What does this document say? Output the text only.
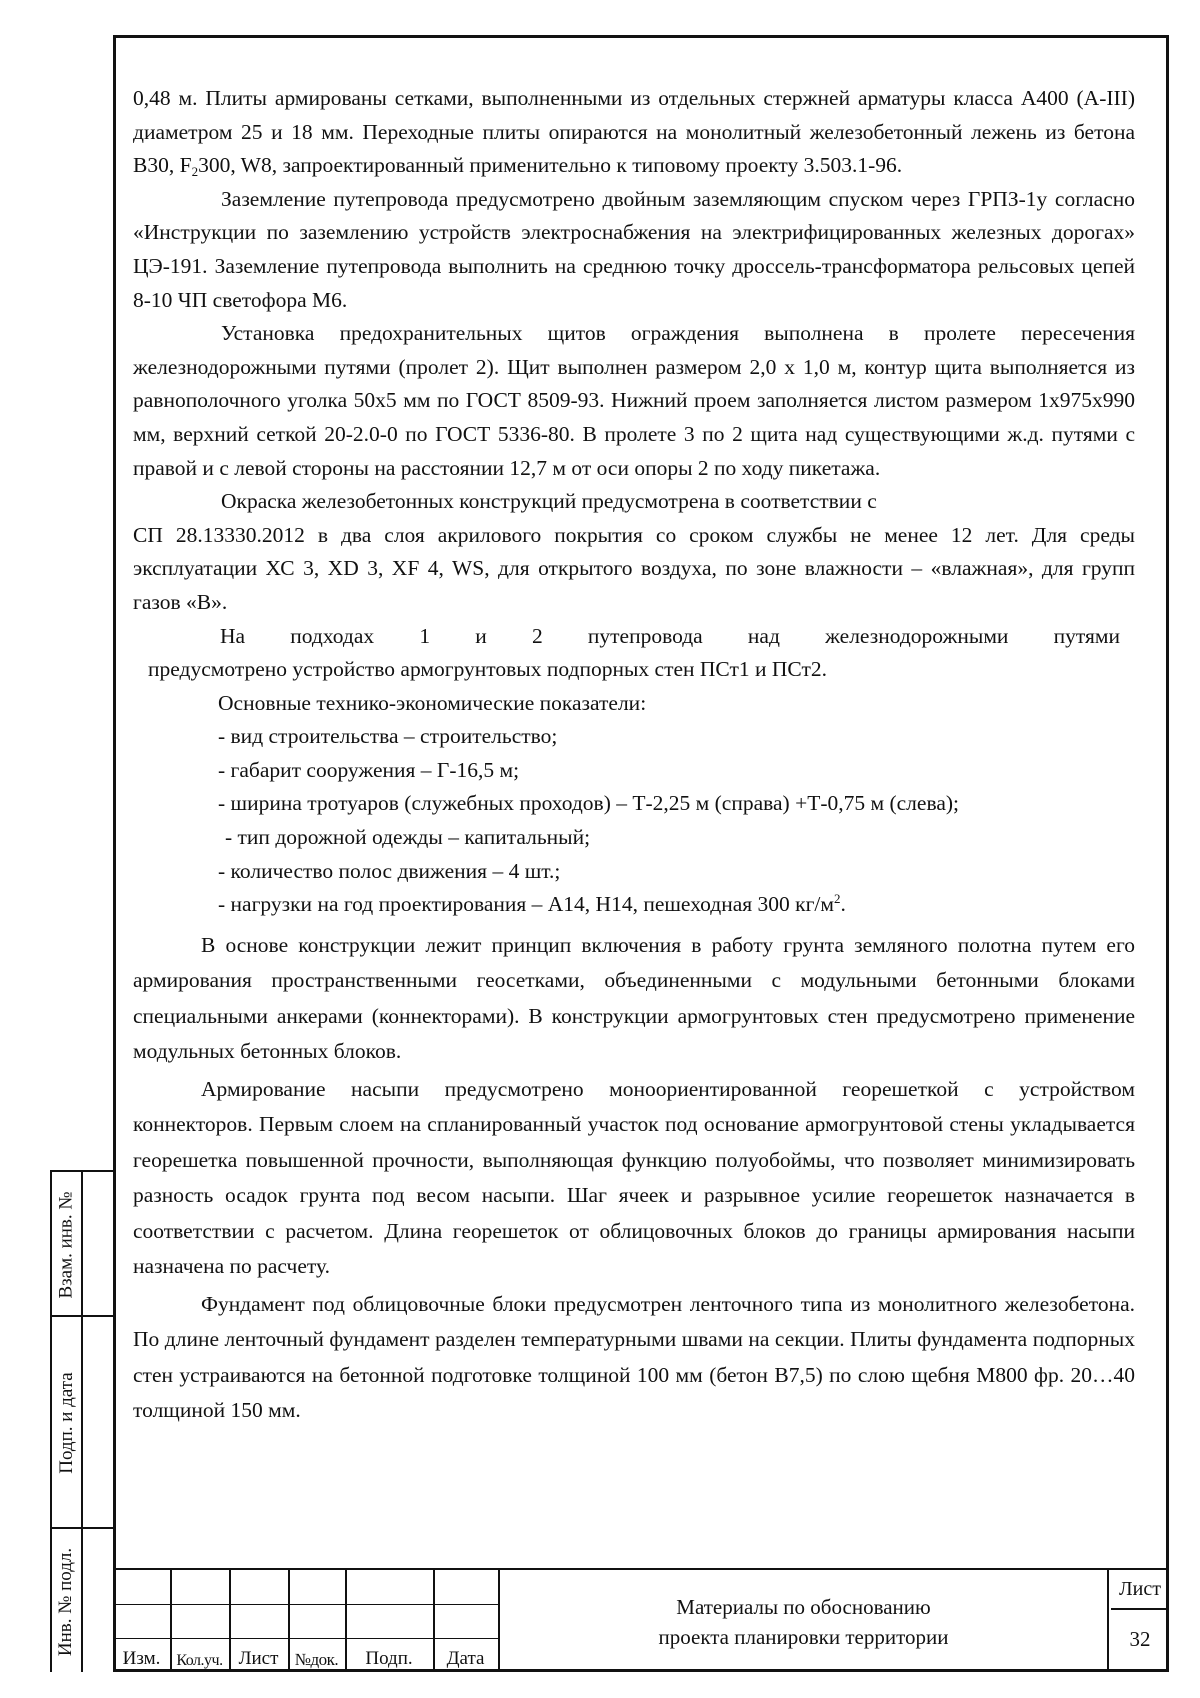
0,48 м. Плиты армированы сетками, выполненными из отдельных стержней арматуры класса А400 (А-III) диаметром 25 и 18 мм. Переходные плиты опираются на монолитный железобетонный лежень из бетона В30, F2300, W8, запроектированный применительно к типовому проекту 3.503.1-96.

Заземление путепровода предусмотрено двойным заземляющим спуском через ГРПЗ-1у согласно «Инструкции по заземлению устройств электроснабжения на электрифицированных железных дорогах» ЦЭ-191. Заземление путепровода выполнить на среднюю точку дроссель-трансформатора рельсовых цепей 8-10 ЧП светофора М6.

Установка предохранительных щитов ограждения выполнена в пролете пересечения железнодорожными путями (пролет 2). Щит выполнен размером 2,0 х 1,0 м, контур щита выполняется из равнополочного уголка 50х5 мм по ГОСТ 8509-93. Нижний проем заполняется листом размером 1х975х990 мм, верхний сеткой 20-2.0-0 по ГОСТ 5336-80. В пролете 3 по 2 щита над существующими ж.д. путями с правой и с левой стороны на расстоянии 12,7 м от оси опоры 2 по ходу пикетажа.

Окраска железобетонных конструкций предусмотрена в соответствии с

СП 28.13330.2012 в два слоя акрилового покрытия со сроком службы не менее 12 лет. Для среды эксплуатации ХС 3, ХD 3, XF 4, WS, для открытого воздуха, по зоне влажности – «влажная», для групп газов «В».

На подходах 1 и 2 путепровода над железнодорожными путями

предусмотрено устройство армогрунтовых подпорных стен ПСт1 и ПСт2.

Основные технико-экономические показатели:

- вид строительства – строительство;

- габарит сооружения – Г-16,5 м;

- ширина тротуаров (служебных проходов) – Т-2,25 м (справа) +Т-0,75 м (слева);

- тип дорожной одежды – капитальный;

- количество полос движения – 4 шт.;

- нагрузки на год проектирования – А14, Н14, пешеходная 300 $кг/м^2$.

В основе конструкции лежит принцип включения в работу грунта земляного полотна путем его армирования пространственными геосетками, объединенными с модульными бетонными блоками специальными анкерами (коннекторами). В конструкции армогрунтовых стен предусмотрено применение модульных бетонных блоков.

Армирование насыпи предусмотрено моноориентированной георешеткой с устройством коннекторов. Первым слоем на спланированный участок под основание армогрунтовой стены укладывается георешетка повышенной прочности, выполняющая функцию полуобоймы, что позволяет минимизировать разность осадок грунта под весом насыпи. Шаг ячеек и разрывное усилие георешеток назначается в соответствии с расчетом. Длина георешеток от облицовочных блоков до границы армирования насыпи назначена по расчету.

Фундамент под облицовочные блоки предусмотрен ленточного типа из монолитного железобетона. По длине ленточный фундамент разделен температурными швами на секции. Плиты фундамента подпорных стен устраиваются на бетонной подготовке толщиной 100 мм (бетон В7,5) по слою щебня М800 фр. 20…40 толщиной 150 мм.

Взам. инв. №
Подп. и дата
Инв. № подл.
Изм.	Кол.уч. Лист №док.	Подп.	Дата
Материалы по обоснованию
проекта планировки территории
Лист
32
